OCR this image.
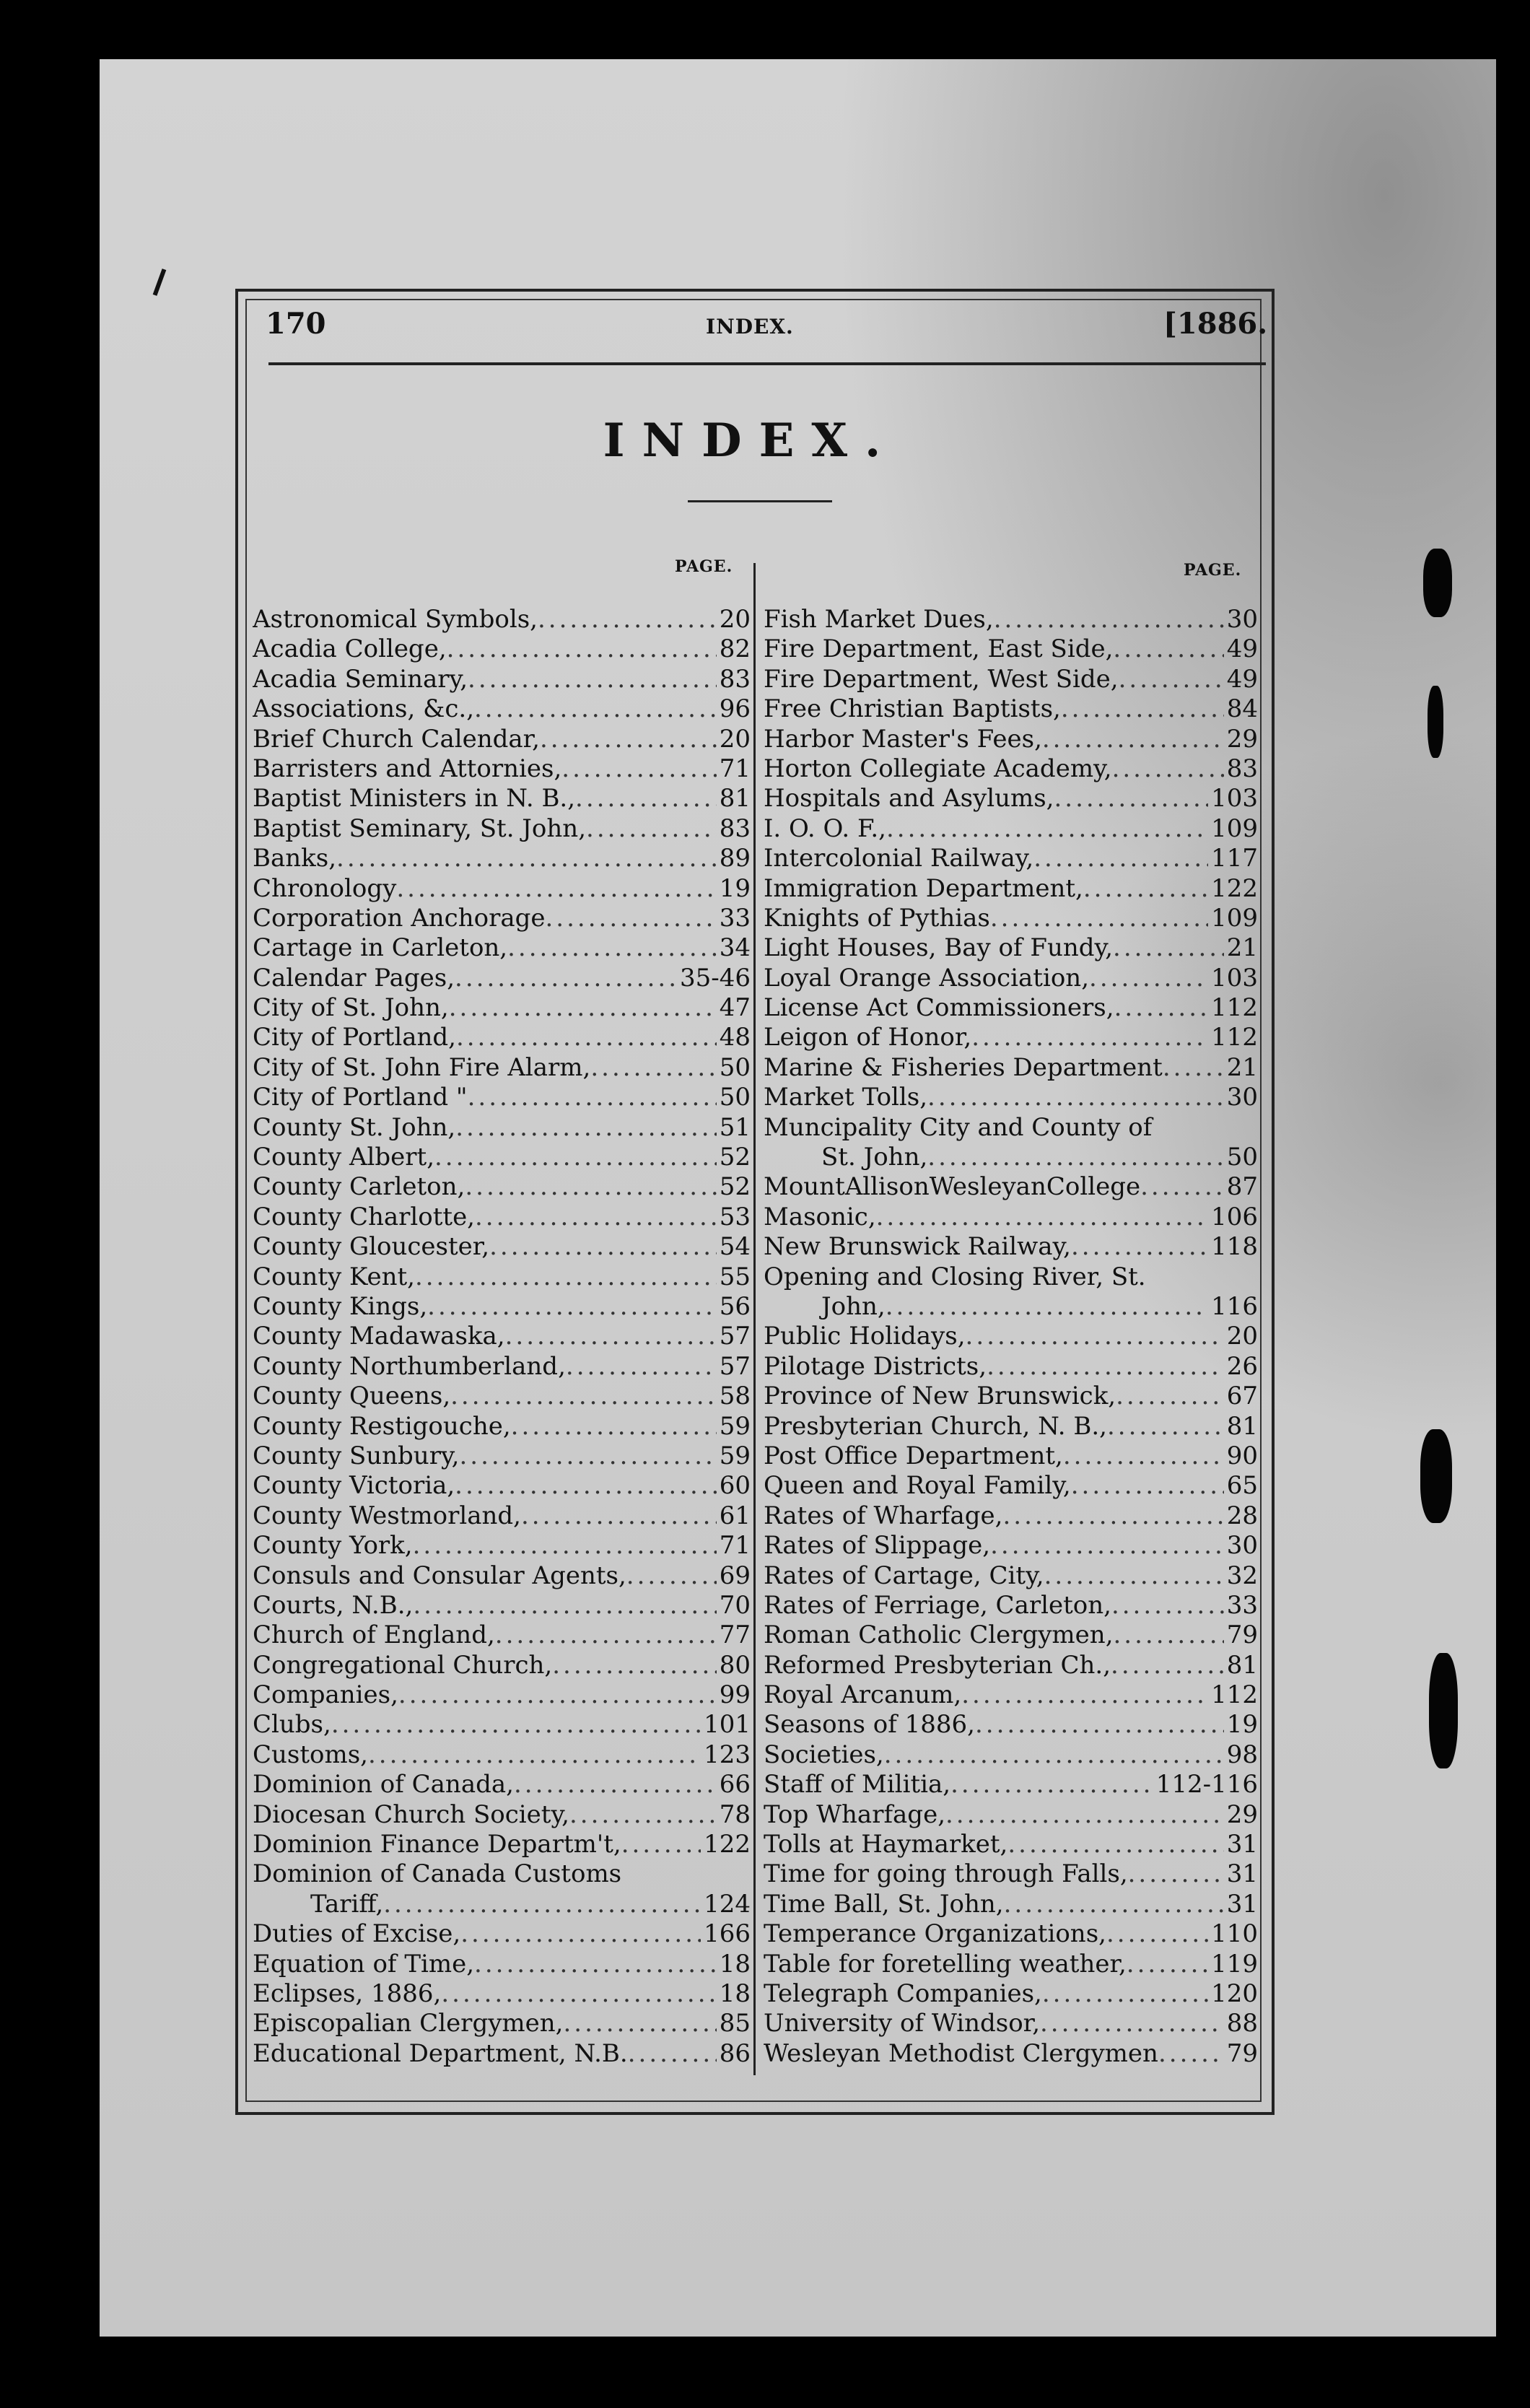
170	INDEX.	[1886.
INDEX.
PAGE.	PAGE.
Astronomical Symbols, .....	20
Acadia College, .....	82
Acadia Seminary, .....	83
Associations, &c., .....	96
Brief Church Calendar, .....	20
Barristers and Attornies, .....	71
Baptist Ministers in N. B., .....	81
Baptist Seminary, St. John, .....	83
Banks, .....	89
Chronology .....	19
Corporation Anchorage .....	33
Cartage in Carleton, .....	34
Calendar Pages, .....	35-46
City of St. John, .....	47
City of Portland, .....	48
City of St. John Fire Alarm, .....	50
City of Portland " .....	50
County St. John, .....	51
County Albert, .....	52
County Carleton, .....	52
County Charlotte, .....	53
County Gloucester, .....	54
County Kent, .....	55
County Kings, .....	56
County Madawaska, .....	57
County Northumberland, .....	57
County Queens, .....	58
County Restigouche, .....	59
County Sunbury, .....	59
County Victoria, .....	60
County Westmorland, .....	61
County York, .....	71
Consuls and Consular Agents, .....	69
Courts, N.B., .....	70
Church of England, .....	77
Congregational Church, .....	80
Companies, .....	99
Clubs, .....	101
Customs, .....	123
Dominion of Canada, .....	66
Diocesan Church Society, .....	78
Dominion Finance Departm't, .....	122
Dominion of Canada Customs
Tariff, .....	124
Duties of Excise, .....	166
Equation of Time, .....	18
Eclipses, 1886, .....	18
Episcopalian Clergymen, .....	85
Educational Department, N.B. .....	86
Fish Market Dues, .....	30
Fire Department, East Side, .....	49
Fire Department, West Side, .....	49
Free Christian Baptists, .....	84
Harbor Master's Fees, .....	29
Horton Collegiate Academy, .....	83
Hospitals and Asylums, .....	103
I. O. O. F., .....	109
Intercolonial Railway, .....	117
Immigration Department, .....	122
Knights of Pythias .....	109
Light Houses, Bay of Fundy, .....	21
Loyal Orange Association, .....	103
License Act Commissioners, .....	112
Leigon of Honor, .....	112
Marine & Fisheries Department .....	21
Market Tolls, .....	30
Muncipality City and County of
St. John, .....	50
MountAllisonWesleyanCollege .....	87
Masonic, .....	106
New Brunswick Railway, .....	118
Opening and Closing River, St.
John, .....	116
Public Holidays, .....	20
Pilotage Districts, .....	26
Province of New Brunswick, .....	67
Presbyterian Church, N. B., .....	81
Post Office Department, .....	90
Queen and Royal Family, .....	65
Rates of Wharfage, .....	28
Rates of Slippage, .....	30
Rates of Cartage, City, .....	32
Rates of Ferriage, Carleton, .....	33
Roman Catholic Clergymen, .....	79
Reformed Presbyterian Ch., .....	81
Royal Arcanum, .....	112
Seasons of 1886, .....	19
Societies, .....	98
Staff of Militia, .....	112-116
Top Wharfage, .....	29
Tolls at Haymarket, .....	31
Time for going through Falls, .....	31
Time Ball, St. John, .....	31
Temperance Organizations, .....	110
Table for foretelling weather, .....	119
Telegraph Companies, .....	120
University of Windsor, .....	88
Wesleyan Methodist Clergymen .....	79
